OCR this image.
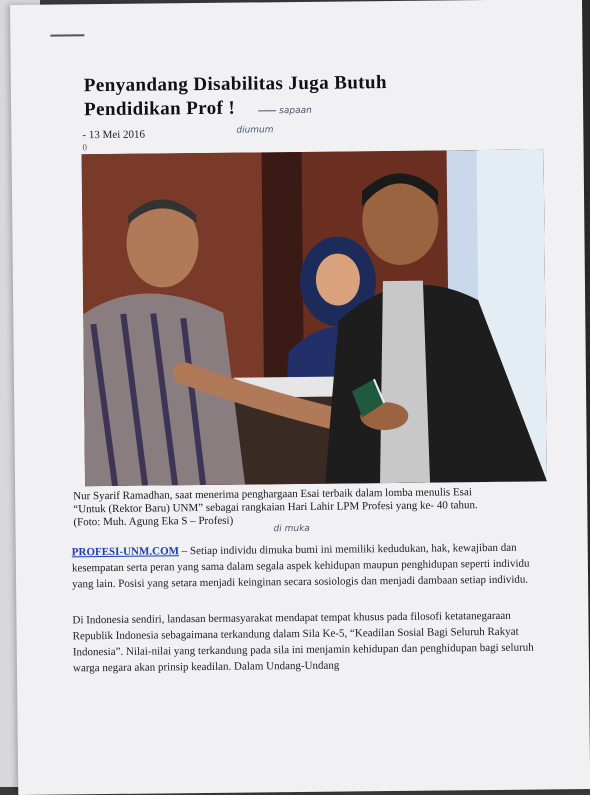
Penyandang Disabilitas Juga Butuh
Pendidikan Prof !	sapaan
diumum
- 13 Mei 2016
0

Nur Syarif Ramadhan, saat menerima penghargaan Esai terbaik dalam lomba menulis Esai
“Untuk (Rektor Baru) UNM” sebagai rangkaian Hari Lahir LPM Profesi yang ke- 40 tahun.
(Foto: Muh. Agung Eka S – Profesi)

di muka

PROFESI-UNM.COM – Setiap individu dimuka bumi ini memiliki kedudukan, hak, kewajiban dan kesempatan serta peran yang sama dalam segala aspek kehidupan maupun penghidupan seperti individu yang lain. Posisi yang setara menjadi keinginan secara sosiologis dan menjadi dambaan setiap individu.

Di Indonesia sendiri, landasan bermasyarakat mendapat tempat khusus pada filosofi ketatanegaraan Republik Indonesia sebagaimana terkandung dalam Sila Ke-5, “Keadilan Sosial Bagi Seluruh Rakyat Indonesia”. Nilai-nilai yang terkandung pada sila ini menjamin kehidupan dan penghidupan bagi seluruh warga negara akan prinsip keadilan. Dalam Undang-Undang
